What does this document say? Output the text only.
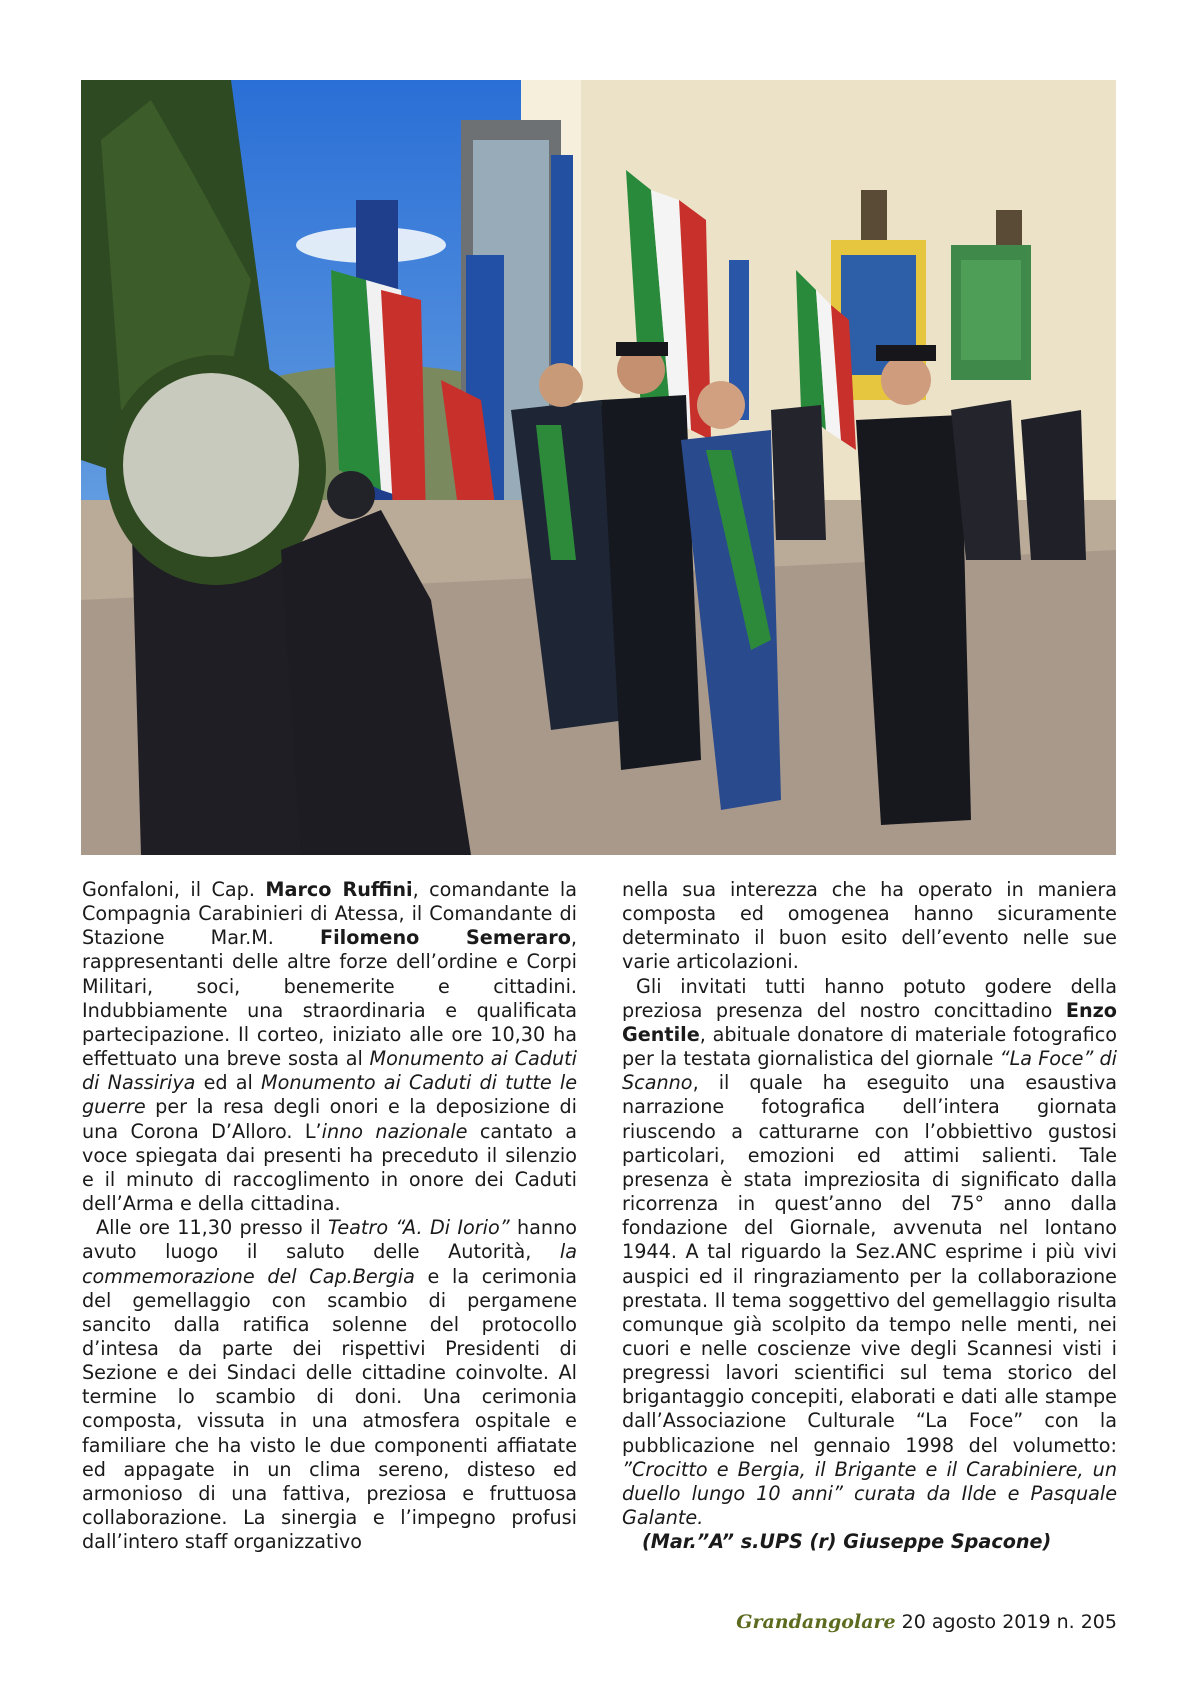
Gonfaloni, il Cap. Marco Ruffini, comandante la Compagnia Carabinieri di Atessa, il Comandante di Stazione Mar.M. Filomeno Semeraro, rappresentanti delle altre forze dell’ordine e Corpi Militari, soci, benemerite e cittadini. Indubbiamente una straordinaria e qualificata partecipazione. Il corteo, iniziato alle ore 10,30 ha effettuato una breve sosta al Monumento ai Caduti di Nassiriya ed al Monumento ai Caduti di tutte le guerre per la resa degli onori e la deposizione di una Corona D’Alloro. L’inno nazionale cantato a voce spiegata dai presenti ha preceduto il silenzio e il minuto di raccoglimento in onore dei Caduti dell’Arma e della cittadina.

Alle ore 11,30 presso il Teatro “A. Di Iorio” hanno avuto luogo il saluto delle Autorità, la commemorazione del Cap.Bergia e la cerimonia del gemellaggio con scambio di pergamene sancito dalla ratifica solenne del protocollo d’intesa da parte dei rispettivi Presidenti di Sezione e dei Sindaci delle cittadine coinvolte. Al termine lo scambio di doni. Una cerimonia composta, vissuta in una atmosfera ospitale e familiare che ha visto le due componenti affiatate ed appagate in un clima sereno, disteso ed armonioso di una fattiva, preziosa e fruttuosa collaborazione. La sinergia e l’impegno profusi dall’intero staff organizzativo

nella sua interezza che ha operato in maniera composta ed omogenea hanno sicuramente determinato il buon esito dell’evento nelle sue varie articolazioni.

Gli invitati tutti hanno potuto godere della preziosa presenza del nostro concittadino Enzo Gentile, abituale donatore di materiale fotografico per la testata giornalistica del giornale “La Foce” di Scanno, il quale ha eseguito una esaustiva narrazione fotografica dell’intera giornata riuscendo a catturarne con l’obbiettivo gustosi particolari, emozioni ed attimi salienti. Tale presenza è stata impreziosita di significato dalla ricorrenza in quest’anno del 75° anno dalla fondazione del Giornale, avvenuta nel lontano 1944. A tal riguardo la Sez.ANC esprime i più vivi auspici ed il ringraziamento per la collaborazione prestata. Il tema soggettivo del gemellaggio risulta comunque già scolpito da tempo nelle menti, nei cuori e nelle coscienze vive degli Scannesi visti i pregressi lavori scientifici sul tema storico del brigantaggio concepiti, elaborati e dati alle stampe dall’Associazione Culturale “La Foce” con la pubblicazione nel gennaio 1998 del volumetto: ”Crocitto e Bergia, il Brigante e il Carabiniere, un duello lungo 10 anni” curata da Ilde e Pasquale Galante.

(Mar.”A” s.UPS (r) Giuseppe Spacone)

Grandangolare 20 agosto 2019 n. 205
